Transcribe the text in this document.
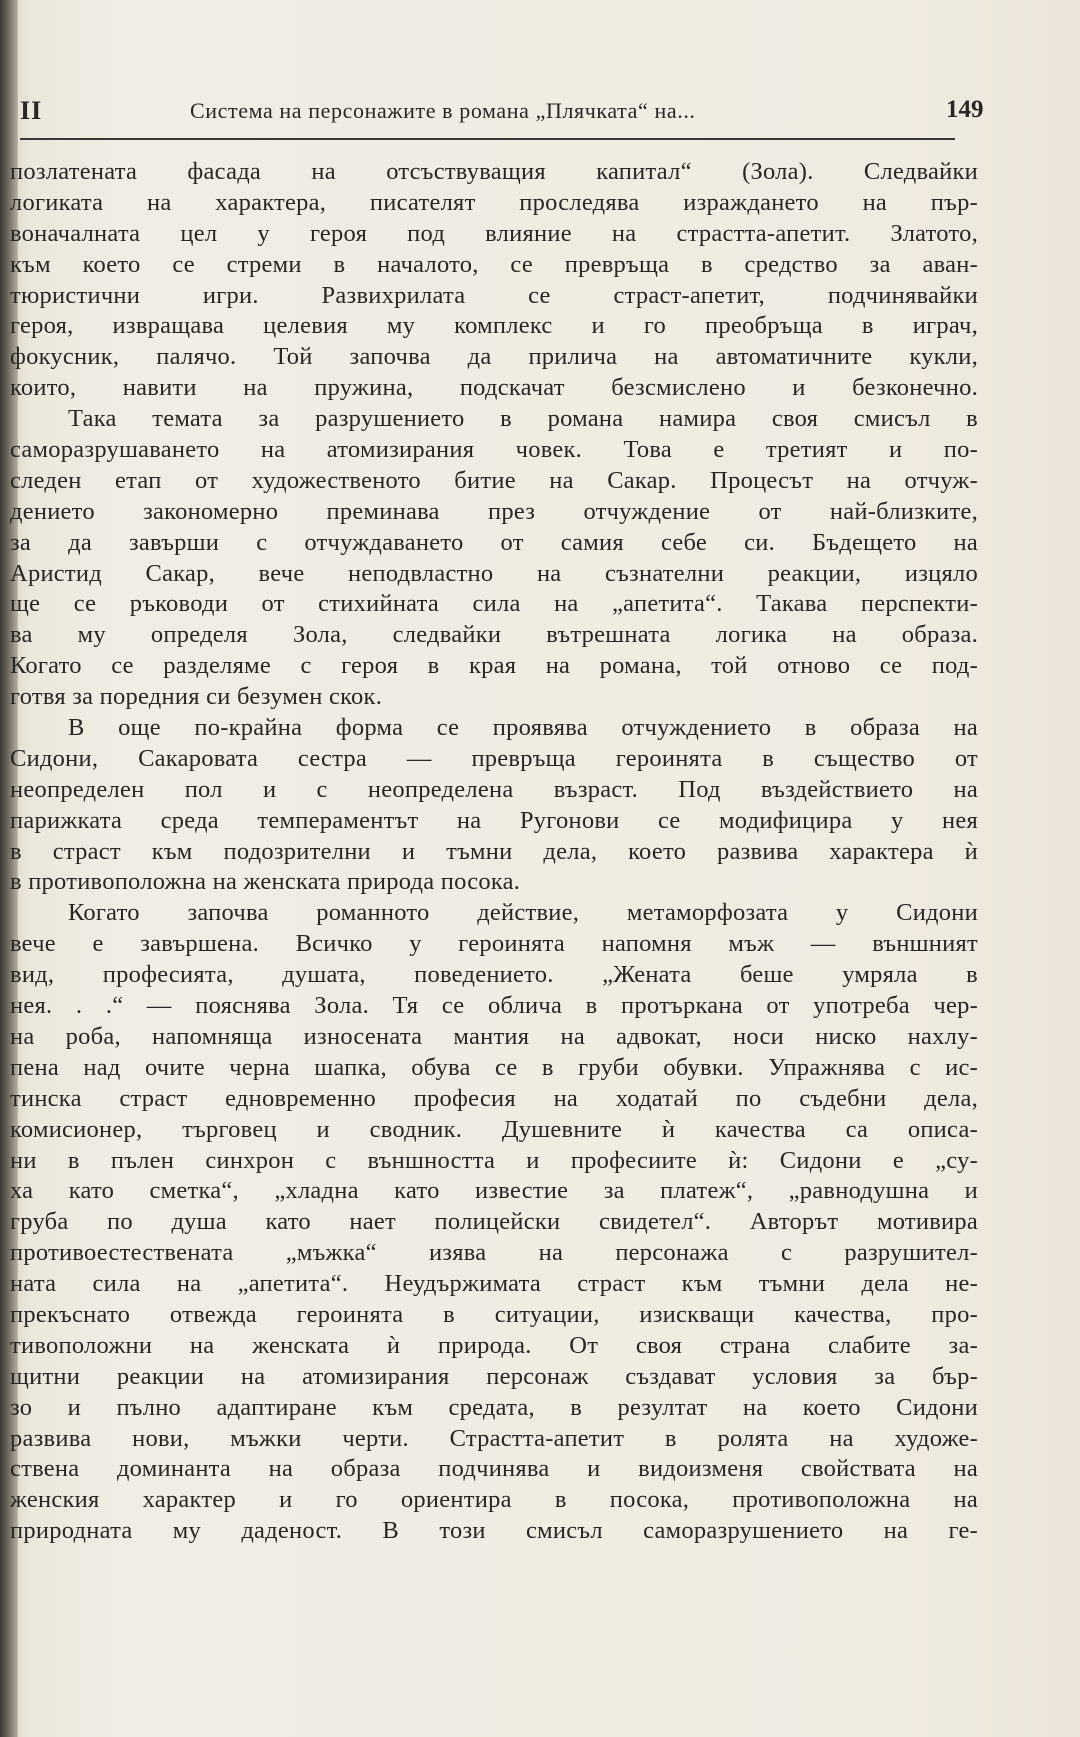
II	Система на персонажите в романа „Плячката“ на...	149
позлатената фасада на отсъствуващия капитал“ (Зола). Следвайки
логиката на характера, писателят проследява изражданeто на пър-
воначалната цел у героя под влияние на страстта-апетит. Златото,
към което се стреми в началото, се превръща в средство за аван-
тюристични игри. Развихрилата се страст-апетит, подчинявайки
героя, извращава целевия му комплекс и го преобръща в играч,
фокусник, палячо. Той започва да прилича на автоматичните кукли,
които, навити на пружина, подскачат безсмислено и безконечно.
Така темата за разрушението в романа намира своя смисъл в
саморазрушаването на атомизирания човек. Това е третият и по-
следен етап от художественото битие на Сакар. Процесът на отчуж-
дението закономерно преминава през отчуждение от най-близките,
за да завърши с отчуждаването от самия себе си. Бъдещето на
Аристид Сакар, вече неподвластно на съзнателни реакции, изцяло
ще се ръководи от стихийната сила на „апетита“. Такава перспекти-
ва му определя Зола, следвайки вътрешната логика на образа.
Когато се разделяме с героя в края на романа, той отново се под-
готвя за поредния си безумен скок.
В още по-крайна форма се проявява отчуждението в образа на
Сидони, Сакаровата сестра — превръща героинята в същество от
неопределен пол и с неопределена възраст. Под въздействието на
парижката среда темпераментът на Ругонови се модифицира у нея
в страст към подозрителни и тъмни дела, което развива характера ѝ
в противоположна на женската природа посока.
Когато започва романното действие, метаморфозата у Сидони
вече е завършена. Всичко у героинята напомня мъж — външният
вид, професията, душата, поведението. „Жената беше умряла в
нея. . .“ — пояснява Зола. Тя се облича в протъркана от употреба чер-
на роба, напомняща износената мантия на адвокат, носи ниско нахлу-
пена над очите черна шапка, обува се в груби обувки. Упражнява с ис-
тинска страст едновременно професия на ходатай по съдебни дела,
комисионер, търговец и сводник. Душевните ѝ качества са описа-
ни в пълен синхрон с външността и професиите ѝ: Сидони е „су-
ха като сметка“, „хладна като известие за платеж“, „равнодушна и
груба по душа като нает полицейски свидетел“. Авторът мотивира
противоестествената „мъжка“ изява на персонажа с разрушител-
ната сила на „апетита“. Неудържимата страст към тъмни дела не-
прекъснато отвежда героинята в ситуации, изискващи качества, про-
тивоположни на женската ѝ природа. От своя страна слабите за-
щитни реакции на атомизирания персонаж създават условия за бър-
зо и пълно адаптиране към средата, в резултат на което Сидони
развива нови, мъжки черти. Страстта-апетит в ролята на художе-
ствена доминанта на образа подчинява и видоизменя свойствата на
женския характер и го ориентира в посока, противоположна на
природната му даденост. В този смисъл саморазрушението на ге-
